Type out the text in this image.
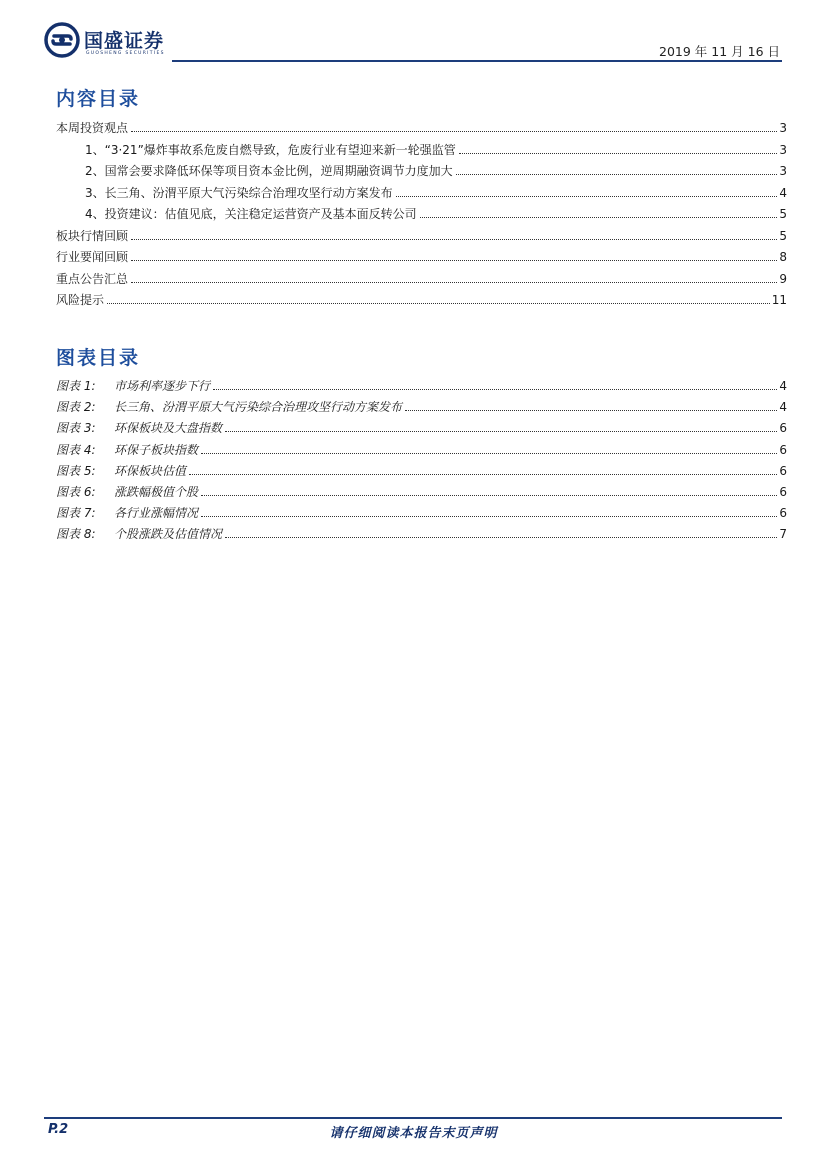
国盛证券
GUOSHENG SECURITIES	2019 年 11 月 16 日
内容目录
本周投资观点	3
1、“3·21”爆炸事故系危废自燃导致，危废行业有望迎来新一轮强监管	3
2、国常会要求降低环保等项目资本金比例，逆周期融资调节力度加大	3
3、长三角、汾渭平原大气污染综合治理攻坚行动方案发布	4
4、投资建议：估值见底，关注稳定运营资产及基本面反转公司	5
板块行情回顾	5
行业要闻回顾	8
重点公告汇总	9
风险提示	11
图表目录
图表 1: 市场利率逐步下行	4
图表 2: 长三角、汾渭平原大气污染综合治理攻坚行动方案发布	4
图表 3: 环保板块及大盘指数	6
图表 4: 环保子板块指数	6
图表 5: 环保板块估值	6
图表 6: 涨跌幅极值个股	6
图表 7: 各行业涨幅情况	6
图表 8: 个股涨跌及估值情况	7
请仔细阅读本报告末页声明
P.2
